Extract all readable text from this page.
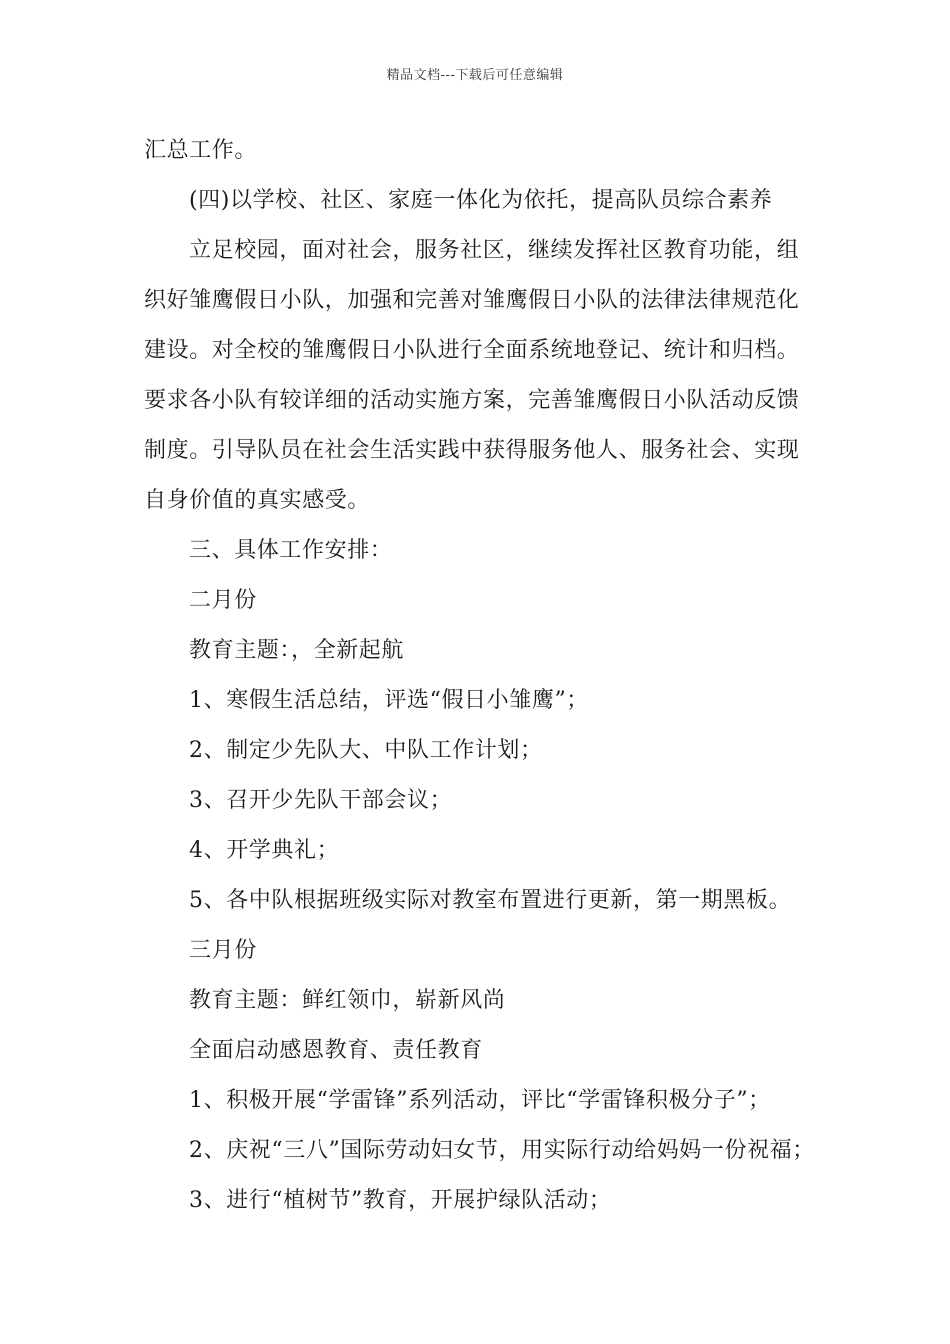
精品文档---下载后可任意编辑
汇总工作。
(四)以学校、社区、家庭一体化为依托，提高队员综合素养
立足校园，面对社会，服务社区，继续发挥社区教育功能，组
织好雏鹰假日小队，加强和完善对雏鹰假日小队的法律法律规范化
建设。对全校的雏鹰假日小队进行全面系统地登记、统计和归档。
要求各小队有较详细的活动实施方案，完善雏鹰假日小队活动反馈
制度。引导队员在社会生活实践中获得服务他人、服务社会、实现
自身价值的真实感受。
三、具体工作安排：
二月份
教育主题：，全新起航
1、寒假生活总结，评选“假日小雏鹰”；
2、制定少先队大、中队工作计划；
3、召开少先队干部会议；
4、开学典礼；
5、各中队根据班级实际对教室布置进行更新，第一期黑板。
三月份
教育主题：鲜红领巾，崭新风尚
全面启动感恩教育、责任教育
1、积极开展“学雷锋”系列活动，评比“学雷锋积极分子”；
2、庆祝“三八”国际劳动妇女节，用实际行动给妈妈一份祝福；
3、进行“植树节”教育，开展护绿队活动；
